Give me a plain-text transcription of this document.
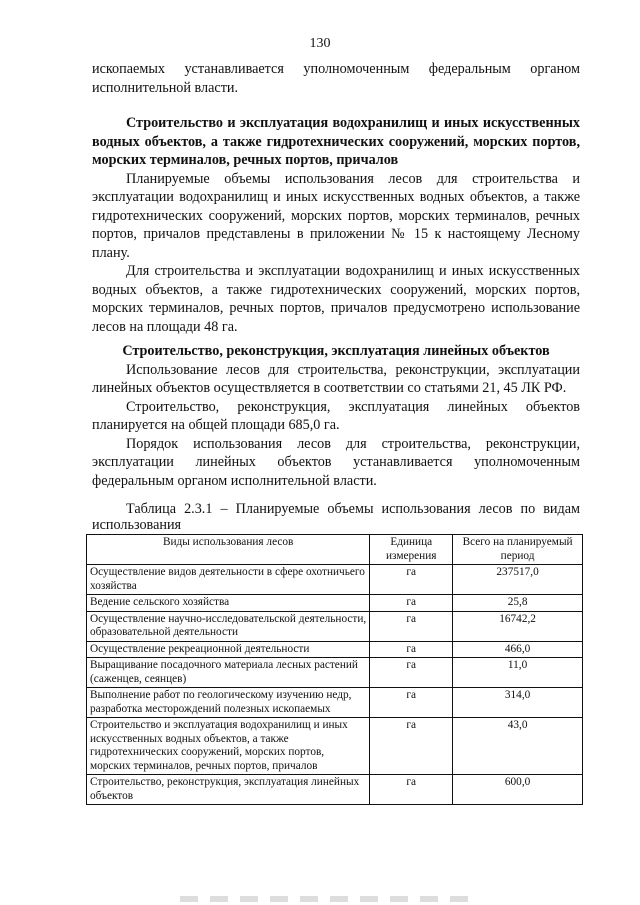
130

ископаемых устанавливается уполномоченным федеральным органом исполнительной власти.

Строительство и эксплуатация водохранилищ и иных искусственных водных объектов, а также гидротехнических сооружений, морских портов, морских терминалов, речных портов, причалов

Планируемые объемы использования лесов для строительства и эксплуатации водохранилищ и иных искусственных водных объектов, а также гидротехнических сооружений, морских портов, морских терминалов, речных портов, причалов представлены в приложении № 15 к настоящему Лесному плану.

Для строительства и эксплуатации водохранилищ и иных искусственных водных объектов, а также гидротехнических сооружений, морских портов, морских терминалов, речных портов, причалов предусмотрено использование лесов на площади 48 га.

Строительство, реконструкция, эксплуатация линейных объектов

Использование лесов для строительства, реконструкции, эксплуатации линейных объектов осуществляется в соответствии со статьями 21, 45 ЛК РФ.

Строительство, реконструкция, эксплуатация линейных объектов планируется на общей площади 685,0 га.

Порядок использования лесов для строительства, реконструкции, эксплуатации линейных объектов устанавливается уполномоченным федеральным органом исполнительной власти.

Таблица 2.3.1 – Планируемые объемы использования лесов по видам использования

Виды использования лесов	Единица измерения	Всего на планируемый период
Осуществление видов деятельности в сфере охотничьего хозяйства	га	237517,0
Ведение сельского хозяйства	га	25,8
Осуществление научно-исследовательской деятельности, образовательной деятельности	га	16742,2
Осуществление рекреационной деятельности	га	466,0
Выращивание посадочного материала лесных растений (саженцев, сеянцев)	га	11,0
Выполнение работ по геологическому изучению недр, разработка месторождений полезных ископаемых	га	314,0
Строительство и эксплуатация водохранилищ и иных искусственных водных объектов, а также гидротехнических сооружений, морских портов, морских терминалов, речных портов, причалов	га	43,0
Строительство, реконструкция, эксплуатация линейных объектов	га	600,0
